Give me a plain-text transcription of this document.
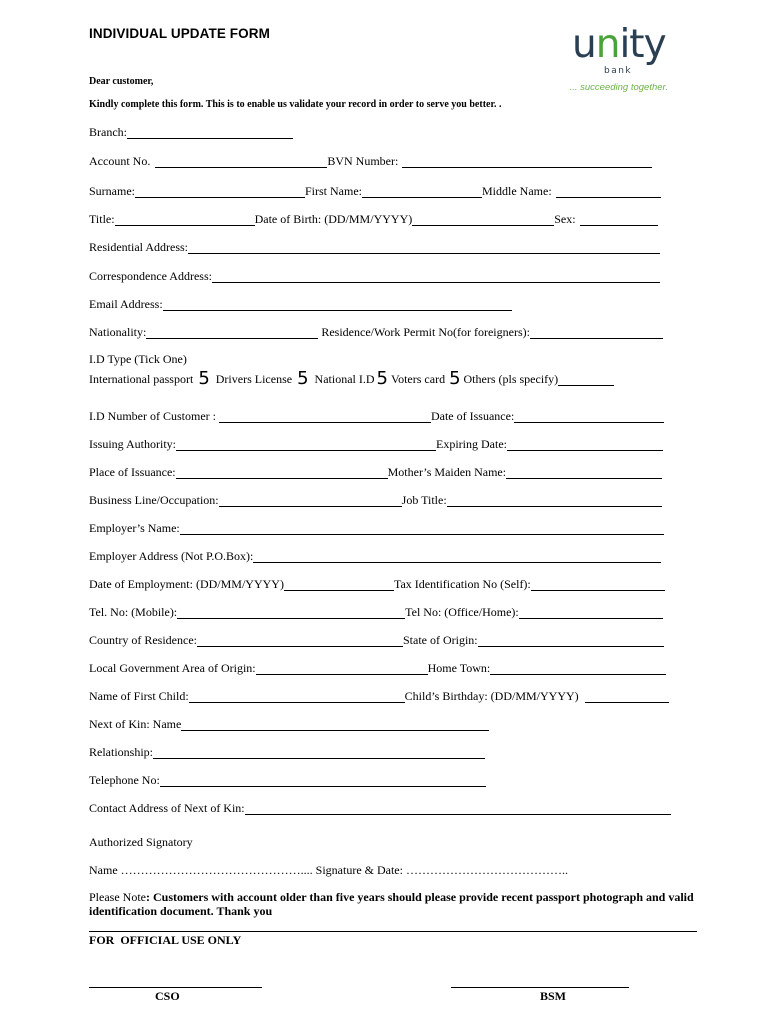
INDIVIDUAL UPDATE FORM	unity
bank
... succeeding together.
Dear customer,
Kindly complete this form. This is to enable us validate your record in order to serve you better. .
Branch:
Account No.	BVN Number:
Surname:	First Name:	Middle Name:
Title:	Date of Birth: (DD/MM/YYYY)	Sex:
Residential Address:
Correspondence Address:
Email Address:
Nationality:	Residence/Work Permit No(for foreigners):
I.D Type (Tick One)
International passport 5 Drivers License 5 National I.D 5 Voters card 5 Others (pls specify)
I.D Number of Customer :	Date of Issuance:
Issuing Authority:	Expiring Date:
Place of Issuance:	Mother’s Maiden Name:
Business Line/Occupation:	Job Title:
Employer’s Name:
Employer Address (Not P.O.Box):
Date of Employment: (DD/MM/YYYY)	Tax Identification No (Self):
Tel. No: (Mobile):	Tel No: (Office/Home):
Country of Residence:	State of Origin:
Local Government Area of Origin:	Home Town:
Name of First Child:	Child’s Birthday: (DD/MM/YYYY)
Next of Kin: Name
Relationship:
Telephone No:
Contact Address of Next of Kin:
Authorized Signatory
Name ……………………………………….... Signature & Date: …………………………………..
Please Note: Customers with account older than five years should please provide recent passport photograph and valid identification document. Thank you
FOR  OFFICIAL USE ONLY
CSO	BSM
